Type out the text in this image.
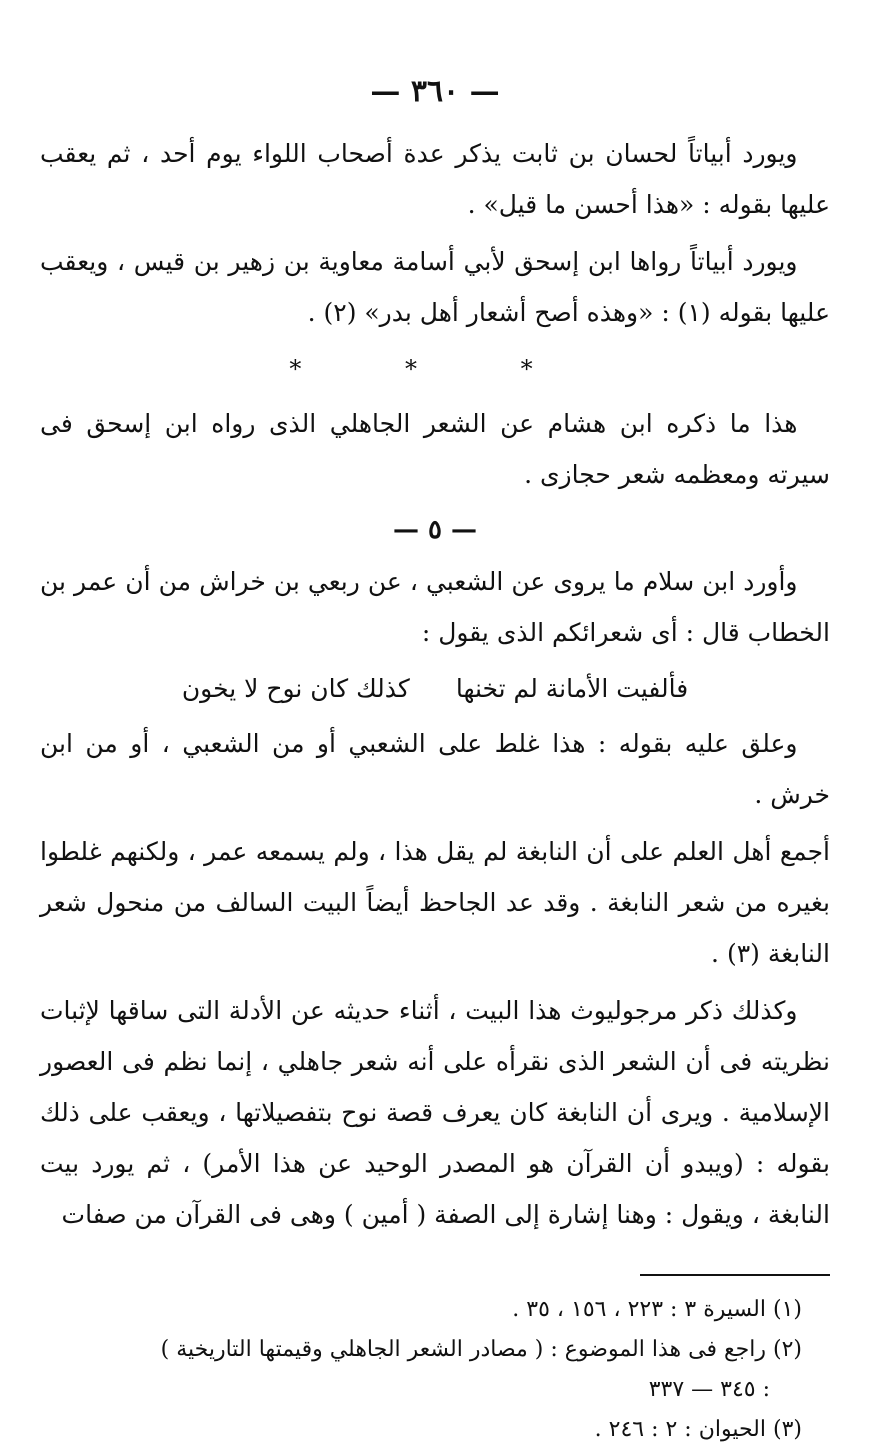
— ٣٦٠ —

ويورد أبياتاً لحسان بن ثابت يذكر عدة أصحاب اللواء يوم أحد ، ثم يعقب عليها بقوله : «هذا أحسن ما قيل» .

ويورد أبياتاً رواها ابن إسحق لأبي أسامة معاوية بن زهير بن قيس ، ويعقب عليها بقوله (١) : «وهذه أصح أشعار أهل بدر» (٢) .

* * *

هذا ما ذكره ابن هشام عن الشعر الجاهلي الذى رواه ابن إسحق فى سيرته ومعظمه شعر حجازى .

— ٥ —

وأورد ابن سلام ما يروى عن الشعبي ، عن ربعي بن خراش من أن عمر بن الخطاب قال : أى شعرائكم الذى يقول :

فألفيت الأمانة لم تخنها
كذلك كان نوح لا يخون

وعلق عليه بقوله : هذا غلط على الشعبي أو من الشعبي ، أو من ابن خرش .

أجمع أهل العلم على أن النابغة لم يقل هذا ، ولم يسمعه عمر ، ولكنهم غلطوا بغيره من شعر النابغة . وقد عد الجاحظ أيضاً البيت السالف من منحول شعر النابغة (٣) .

وكذلك ذكر مرجوليوث هذا البيت ، أثناء حديثه عن الأدلة التى ساقها لإثبات نظريته فى أن الشعر الذى نقرأه على أنه شعر جاهلي ، إنما نظم فى العصور الإسلامية . ويرى أن النابغة كان يعرف قصة نوح بتفصيلاتها ، ويعقب على ذلك بقوله : (ويبدو أن القرآن هو المصدر الوحيد عن هذا الأمر) ، ثم يورد بيت النابغة ، ويقول : وهنا إشارة إلى الصفة ( أمين ) وهى فى القرآن من صفات

(١) السيرة ٣ : ٢٢٣ ، ١٥٦ ، ٣٥ .

(٢) راجع فى هذا الموضوع : ( مصادر الشعر الجاهلي وقيمتها التاريخية )

: ٣٤٥ — ٣٣٧

(٣) الحيوان : ٢ : ٢٤٦ .
